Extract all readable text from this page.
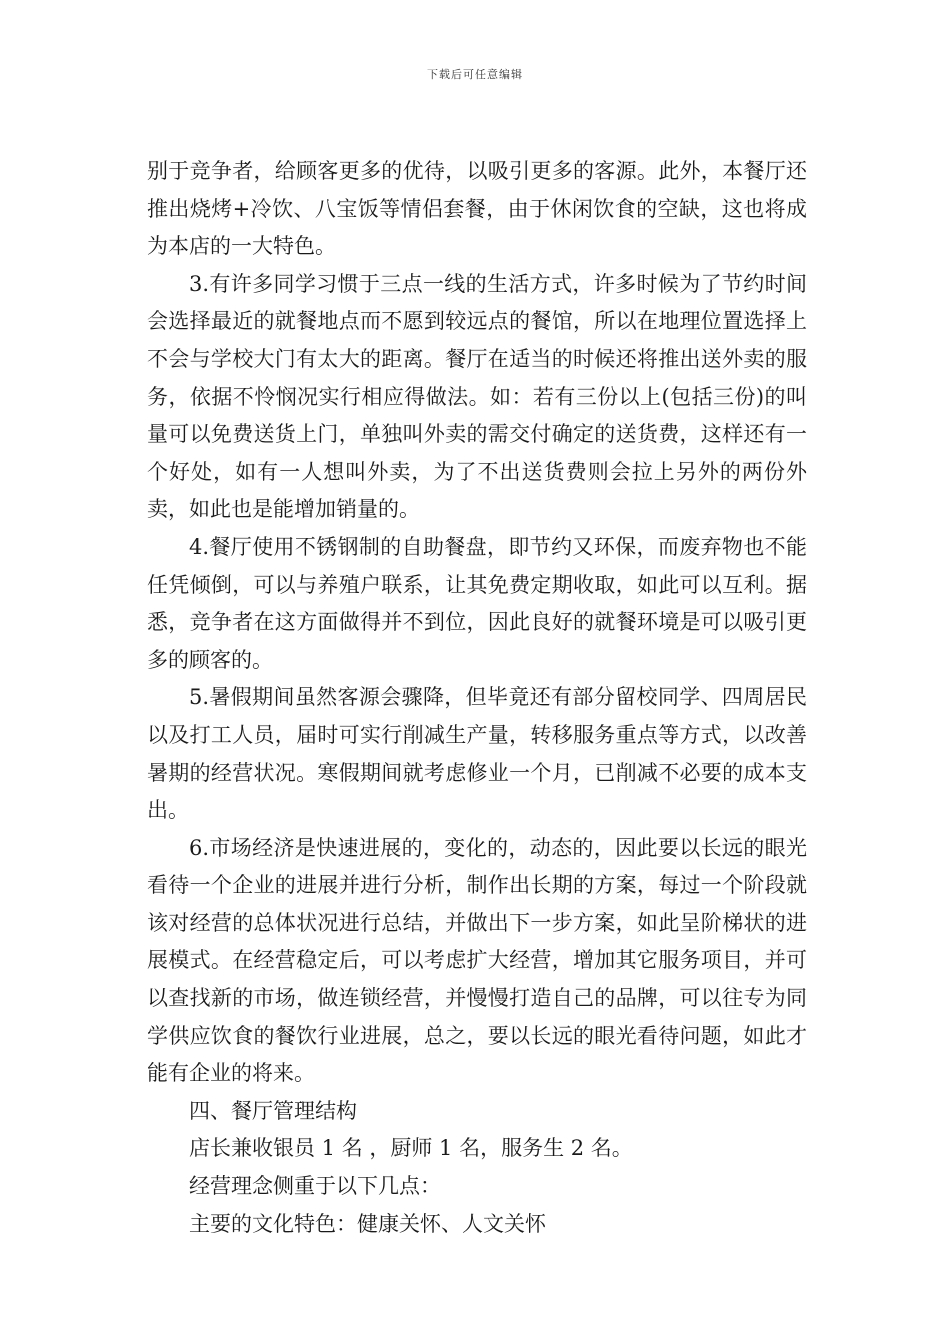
下载后可任意编辑

别于竞争者，给顾客更多的优待，以吸引更多的客源。此外，本餐厅还推出烧烤+冷饮、八宝饭等情侣套餐，由于休闲饮食的空缺，这也将成为本店的一大特色。

3.有许多同学习惯于三点一线的生活方式，许多时候为了节约时间会选择最近的就餐地点而不愿到较远点的餐馆，所以在地理位置选择上不会与学校大门有太大的距离。餐厅在适当的时候还将推出送外卖的服务，依据不怜悯况实行相应得做法。如：若有三份以上(包括三份)的叫量可以免费送货上门，单独叫外卖的需交付确定的送货费，这样还有一个好处，如有一人想叫外卖，为了不出送货费则会拉上另外的两份外卖，如此也是能增加销量的。

4.餐厅使用不锈钢制的自助餐盘，即节约又环保，而废弃物也不能任凭倾倒，可以与养殖户联系，让其免费定期收取，如此可以互利。据悉，竞争者在这方面做得并不到位，因此良好的就餐环境是可以吸引更多的顾客的。

5.暑假期间虽然客源会骤降，但毕竟还有部分留校同学、四周居民以及打工人员，届时可实行削减生产量，转移服务重点等方式，以改善暑期的经营状况。寒假期间就考虑修业一个月，已削减不必要的成本支出。

6.市场经济是快速进展的，变化的，动态的，因此要以长远的眼光看待一个企业的进展并进行分析，制作出长期的方案，每过一个阶段就该对经营的总体状况进行总结，并做出下一步方案，如此呈阶梯状的进展模式。在经营稳定后，可以考虑扩大经营，增加其它服务项目，并可以查找新的市场，做连锁经营，并慢慢打造自己的品牌，可以往专为同学供应饮食的餐饮行业进展，总之，要以长远的眼光看待问题，如此才能有企业的将来。

四、餐厅管理结构

店长兼收银员 1 名 ，厨师 1 名，服务生 2 名。

经营理念侧重于以下几点：

主要的文化特色：健康关怀、人文关怀
